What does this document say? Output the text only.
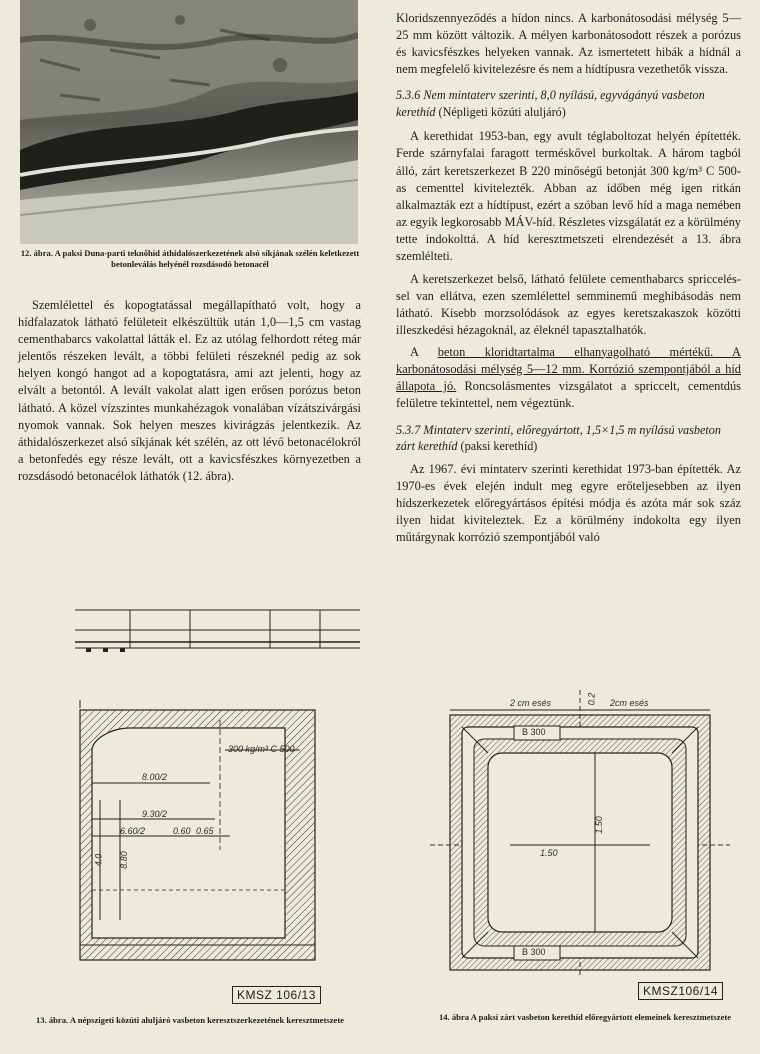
12. ábra. A paksi Duna-parti teknőhíd áthidalószerkezetének alsó síkjának szélén keletkezett betonleválás helyénél rozsdásodó betonacél

Szemlélettel és kopogtatással megállapítható volt, hogy a hídfalazatok látható felületeit elkészültük után 1,0—1,5 cm vastag cementhabarcs vakolattal látták el. Ez az utólag felhordott réteg már jelentős részeken levált, a többi felületi részeknél pedig az sok helyen kongó hangot ad a kopogtatásra, ami azt jelenti, hogy az elvált a betontól. A levált vakolat alatt igen erősen porózus beton látható. A közel vízszintes munkahézagok vonalában vízátszivárgási nyomok vannak. Sok helyen meszes kivirágzás jelentkezik. Az áthidalószerkezet alsó síkjának két szélén, az ott lévő betonacélokról a betonfedés egy része levált, ott a kavicsfészkes környezetben a rozsdásodó betonacélok láthatók (12. ábra).

300 kg/m³ C 500
8.00/2
9.30/2
6.60/2	0.60 0.65
4.0 8.80
KMSZ 106/13

13. ábra. A népszigeti közúti aluljáró vasbeton keresztszerkezetének keresztmetszete

Kloridszennyeződés a hídon nincs. A karbonátosodási mélység 5—25 mm között változik. A mélyen karbonátosodott részek a porózus és kavicsfészkes helyeken vannak. Az ismertetett hibák a hídnál a nem megfelelő kivitelezésre és nem a hídtípusra vezethetők vissza.

5.3.6 Nem mintaterv szerinti, 8,0 nyílású, egyvágányú vasbeton kerethíd (Népligeti közúti aluljáró)

A kerethidat 1953-ban, egy avult téglaboltozat helyén építették. Ferde szárnyfalai faragott terméskővel burkoltak. A három tagból álló, zárt keretszerkezet B 220 minőségű betonját 300 kg/m³ C 500-as cementtel kivitelezték. Abban az időben még igen ritkán alkalmazták ezt a hídtípust, ezért a szóban levő híd a maga nemében az egyik legkorosabb MÁV-híd. Részletes vizsgálatát ez a körülmény tette indokolttá. A híd keresztmetszeti elrendezését a 13. ábra szemlélteti.

A keretszerkezet belső, látható felülete cementhabarcs spricceléssel van ellátva, ezen szemlélettel semminemű meghibásodás nem látható. Kisebb morzsolódások az egyes keretszakaszok közötti illeszkedési hézagoknál, az éleknél tapasztalhatók.

A beton kloridtartalma elhanyagolható mértékű. A karbonátosodási mélység 5—12 mm. Korrózió szempontjából a híd állapota jó. Roncsolásmentes vizsgálatot a spriccelt, cementdús felületre tekintettel, nem végeztünk.

5.3.7 Mintaterv szerinti, előregyártott, 1,5×1,5 m nyílású vasbeton zárt kerethíd (paksi kerethíd)

Az 1967. évi mintaterv szerinti kerethidat 1973-ban építették. Az 1970-es évek elején indult meg egyre erőteljesebben az ilyen hídszerkezetek előregyártásos építési módja és azóta már sok száz ilyen hidat kiviteleztek. Ez a körülmény indokolta egy ilyen műtárgynak korrózió szempontjából való

2 cm esés	2cm esés
B 300
B 300
1.50
1.50
0.2
KMSZ106/14

14. ábra A paksi zárt vasbeton kerethíd előregyártott elemeinek keresztmetszete
